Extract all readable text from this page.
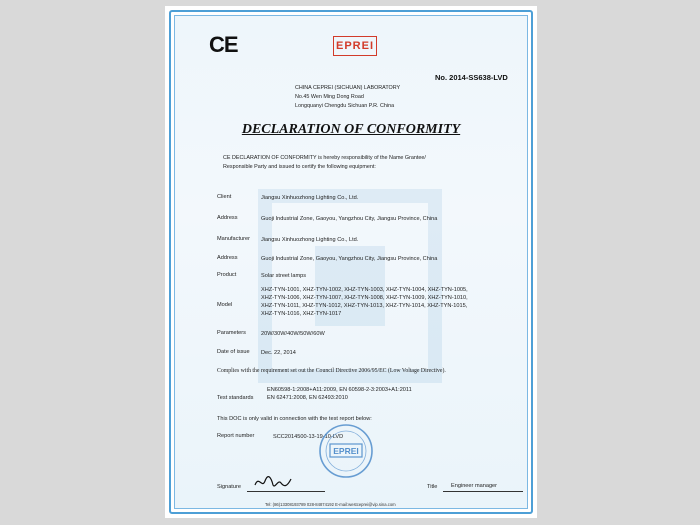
CE	EPREI
No. 2014-SS638-LVD
CHINA CEPREI (SICHUAN) LABORATORY
No.45 Wen Ming Dong Road
Longquanyi Chengdu Sichuan P.R. China
DECLARATION OF CONFORMITY
CE DECLARATION OF CONFORMITY is hereby responsibility of the Name Grantee/
Responsible Party and issued to certify the following equipment:
Client	Jiangsu Xinhuozhong Lighting Co., Ltd.
Address	Guoji Industrial Zone, Gaoyou, Yangzhou City, Jiangsu Province, China
Manufacturer Jiangsu Xinhuozhong Lighting Co., Ltd.
Address	Guoji Industrial Zone, Gaoyou, Yangzhou City, Jiangsu Province, China
Product	Solar street lamps
Model
XHZ-TYN-1001, XHZ-TYN-1002, XHZ-TYN-1003, XHZ-TYN-1004, XHZ-TYN-1005,
XHZ-TYN-1006, XHZ-TYN-1007, XHZ-TYN-1008, XHZ-TYN-1009, XHZ-TYN-1010,
XHZ-TYN-1011, XHZ-TYN-1012, XHZ-TYN-1013, XHZ-TYN-1014, XHZ-TYN-1015,
XHZ-TYN-1016, XHZ-TYN-1017
Parameters	20W/30W/40W/50W/60W
Date of issue Dec. 22, 2014
Complies with the requirement set out the Council Directive 2006/95/EC (Low Voltage Directive).
Test standards
EN60598-1:2008+A11:2009, EN 60598-2-3:2003+A1:2011
EN 62471:2008, EN 62493:2010
This DOC is only valid in connection with the test report below:
Report number	SCC2014500-13-19-10-LVD
EPREI
Signature	Title Engineer manager
Tel: (86)13308193789 028-84874192 E-mail:westceprei@vip.sina.com
